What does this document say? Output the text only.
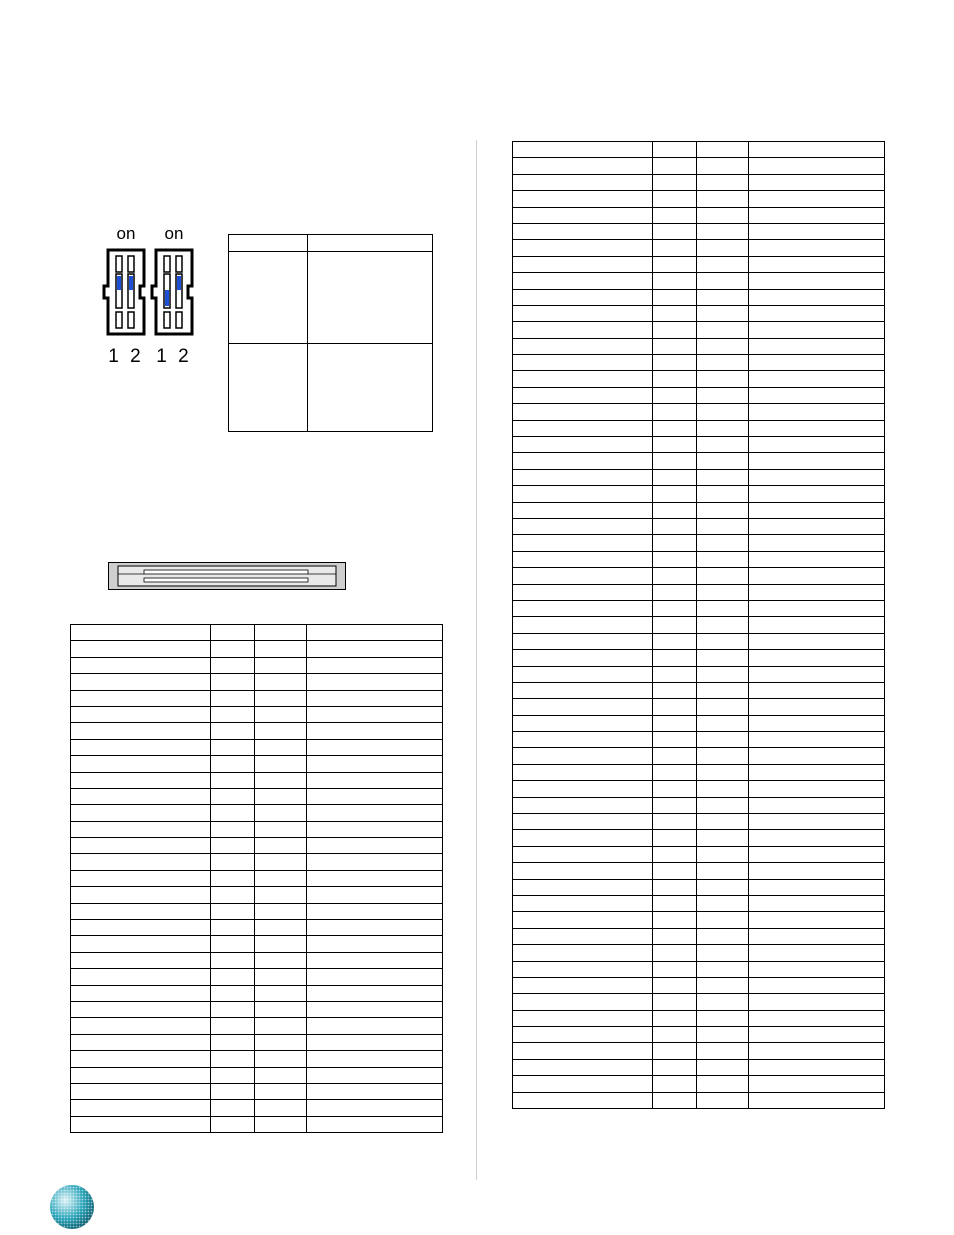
on
1 2
on
1 2
